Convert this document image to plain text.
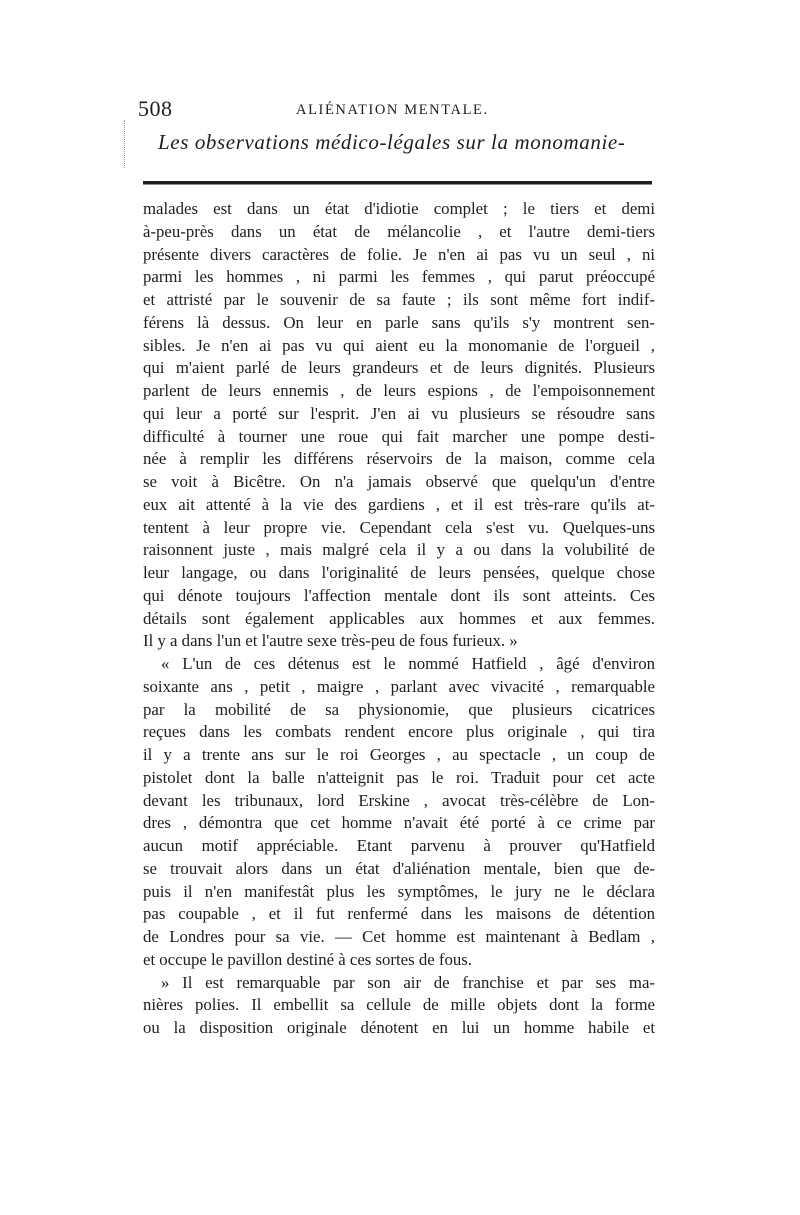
508	ALIÉNATION MENTALE.
Les observations médico-légales sur la monomanie-
malades est dans un état d'idiotie complet ; le tiers et demi
à-peu-près dans un état de mélancolie , et l'autre demi-tiers
présente divers caractères de folie. Je n'en ai pas vu un seul , ni
parmi les hommes , ni parmi les femmes , qui parut préoccupé
et attristé par le souvenir de sa faute ; ils sont même fort indif-
férens là dessus. On leur en parle sans qu'ils s'y montrent sen-
sibles. Je n'en ai pas vu qui aient eu la monomanie de l'orgueil ,
qui m'aient parlé de leurs grandeurs et de leurs dignités. Plusieurs
parlent de leurs ennemis , de leurs espions , de l'empoisonnement
qui leur a porté sur l'esprit. J'en ai vu plusieurs se résoudre sans
difficulté à tourner une roue qui fait marcher une pompe desti-
née à remplir les différens réservoirs de la maison, comme cela
se voit à Bicêtre. On n'a jamais observé que quelqu'un d'entre
eux ait attenté à la vie des gardiens , et il est très-rare qu'ils at-
tentent à leur propre vie. Cependant cela s'est vu. Quelques-uns
raisonnent juste , mais malgré cela il y a ou dans la volubilité de
leur langage, ou dans l'originalité de leurs pensées, quelque chose
qui dénote toujours l'affection mentale dont ils sont atteints. Ces
détails sont également applicables aux hommes et aux femmes.
Il y a dans l'un et l'autre sexe très-peu de fous furieux. »
« L'un de ces détenus est le nommé Hatfield , âgé d'environ
soixante ans , petit , maigre , parlant avec vivacité , remarquable
par la mobilité de sa physionomie, que plusieurs cicatrices
reçues dans les combats rendent encore plus originale , qui tira
il y a trente ans sur le roi Georges , au spectacle , un coup de
pistolet dont la balle n'atteignit pas le roi. Traduit pour cet acte
devant les tribunaux, lord Erskine , avocat très-célèbre de Lon-
dres , démontra que cet homme n'avait été porté à ce crime par
aucun motif appréciable. Etant parvenu à prouver qu'Hatfield
se trouvait alors dans un état d'aliénation mentale, bien que de-
puis il n'en manifestât plus les symptômes, le jury ne le déclara
pas coupable , et il fut renfermé dans les maisons de détention
de Londres pour sa vie. — Cet homme est maintenant à Bedlam ,
et occupe le pavillon destiné à ces sortes de fous.
» Il est remarquable par son air de franchise et par ses ma-
nières polies. Il embellit sa cellule de mille objets dont la forme
ou la disposition originale dénotent en lui un homme habile et
